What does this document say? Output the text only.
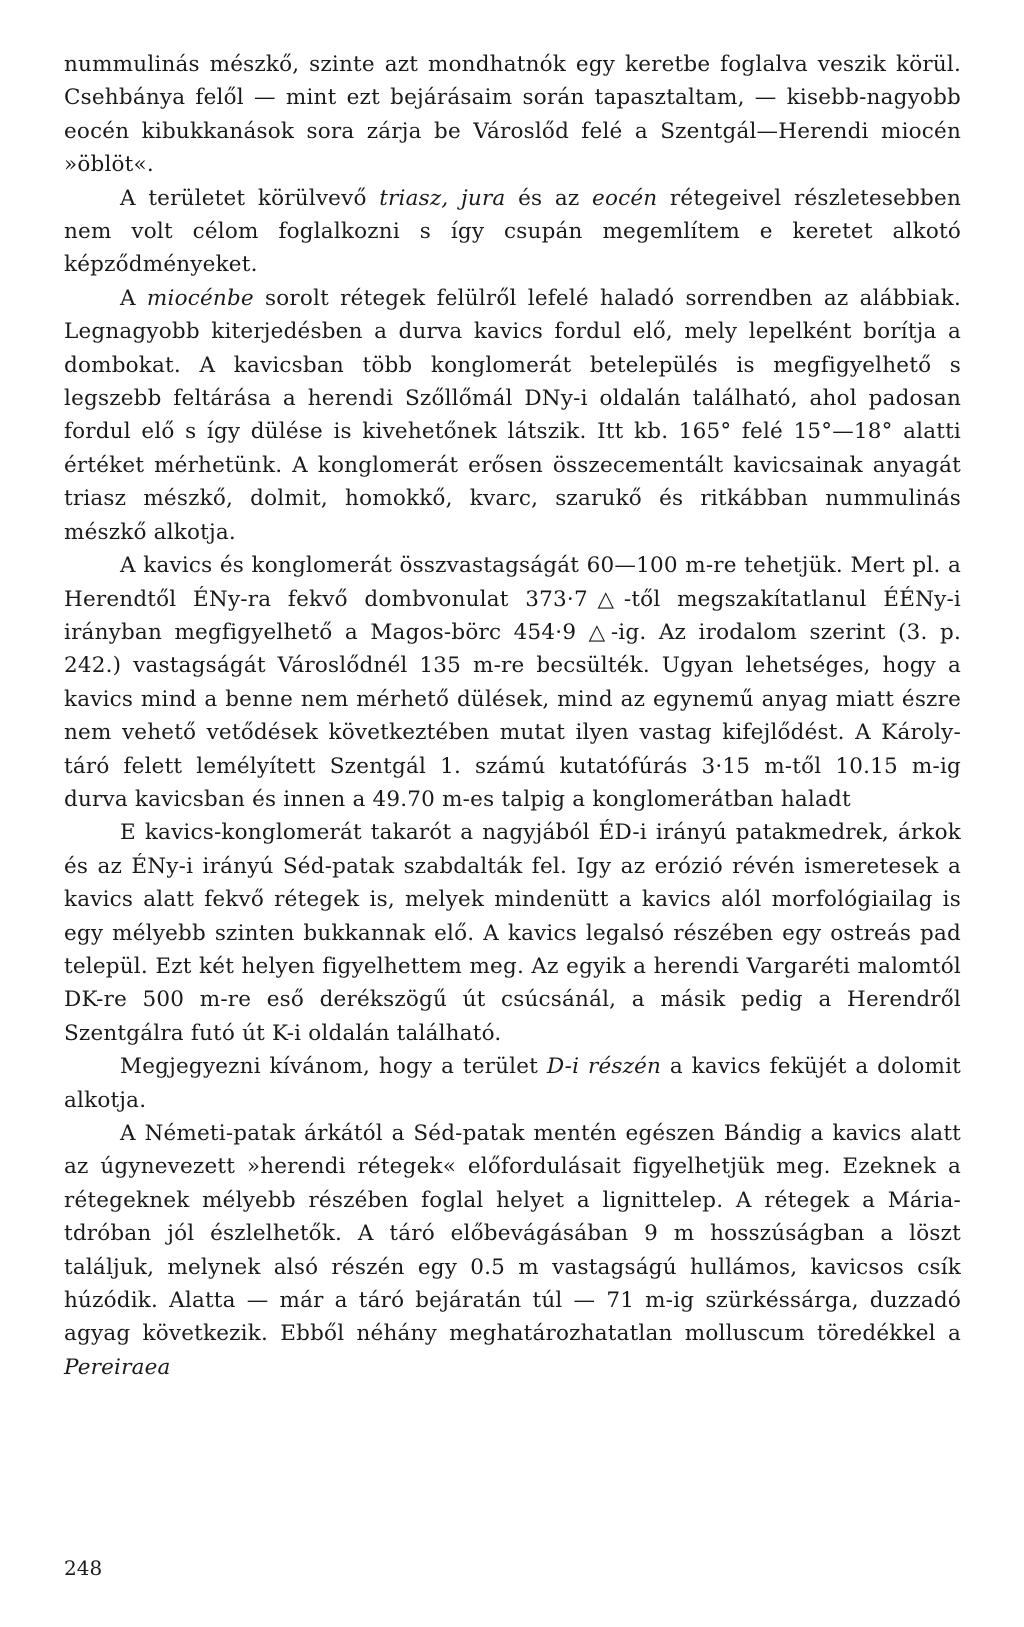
nummulinás mészkő, szinte azt mondhatnók egy keretbe foglalva veszik körül. Csehbánya felől — mint ezt bejárásaim során tapasztaltam, — kisebb-nagyobb eocén kibukkanások sora zárja be Városlőd felé a Szentgál—Herendi miocén »öblöt«.

A területet körülvevő triasz, jura és az eocén rétegeivel részletesebben nem volt célom foglalkozni s így csupán megemlítem e keretet alkotó képződményeket.

A miocénbe sorolt rétegek felülről lefelé haladó sorrendben az alábbiak. Legnagyobb kiterjedésben a durva kavics fordul elő, mely lepelként borítja a dombokat. A kavicsban több konglomerát betelepülés is megfigyelhető s legszebb feltárása a herendi Szőllőmál DNy-i oldalán található, ahol padosan fordul elő s így dülése is kivehetőnek látszik. Itt kb. 165° felé 15°—18° alatti értéket mérhetünk. A konglomerát erősen összecementált kavicsainak anyagát triasz mészkő, dolmit, homokkő, kvarc, szarukő és ritkábban nummulinás mészkő alkotja.

A kavics és konglomerát összvastagságát 60—100 m-re tehetjük. Mert pl. a Herendtől ÉNy-ra fekvő dombvonulat 373·7△-től megszakítatlanul ÉÉNy-i irányban megfigyelhető a Magos-börc 454·9 △-ig. Az irodalom szerint (3. p. 242.) vastagságát Városlődnél 135 m-re becsülték. Ugyan lehetséges, hogy a kavics mind a benne nem mérhető dülések, mind az egynemű anyag miatt észre nem vehető vetődések következtében mutat ilyen vastag kifejlődést. A Károly-táró felett lemélyített Szentgál 1. számú kutatófúrás 3·15 m-től 10.15 m-ig durva kavicsban és innen a 49.70 m-es talpig a konglomerátban haladt

E kavics-konglomerát takarót a nagyjából ÉD-i irányú patakmedrek, árkok és az ÉNy-i irányú Séd-patak szabdalták fel. Igy az erózió révén ismeretesek a kavics alatt fekvő rétegek is, melyek mindenütt a kavics alól morfológiailag is egy mélyebb szinten bukkannak elő. A kavics legalsó részében egy ostreás pad települ. Ezt két helyen figyelhettem meg. Az egyik a herendi Vargaréti malomtól DK-re 500 m-re eső derékszögű út csúcsánál, a másik pedig a Herendről Szentgálra futó út K-i oldalán található.

Megjegyezni kívánom, hogy a terület D-i részén a kavics feküjét a dolomit alkotja.

A Németi-patak árkától a Séd-patak mentén egészen Bándig a kavics alatt az úgynevezett »herendi rétegek« előfordulásait figyelhetjük meg. Ezeknek a rétegeknek mélyebb részében foglal helyet a lignittelep. A rétegek a Mária-tdróban jól észlelhetők. A táró előbevágásában 9 m hosszúságban a löszt találjuk, melynek alsó részén egy 0.5 m vastagságú hullámos, kavicsos csík húzódik. Alatta — már a táró bejáratán túl — 71 m-ig szürkéssárga, duzzadó agyag következik. Ebből néhány meghatározhatatlan molluscum töredékkel a Pereiraea

248
